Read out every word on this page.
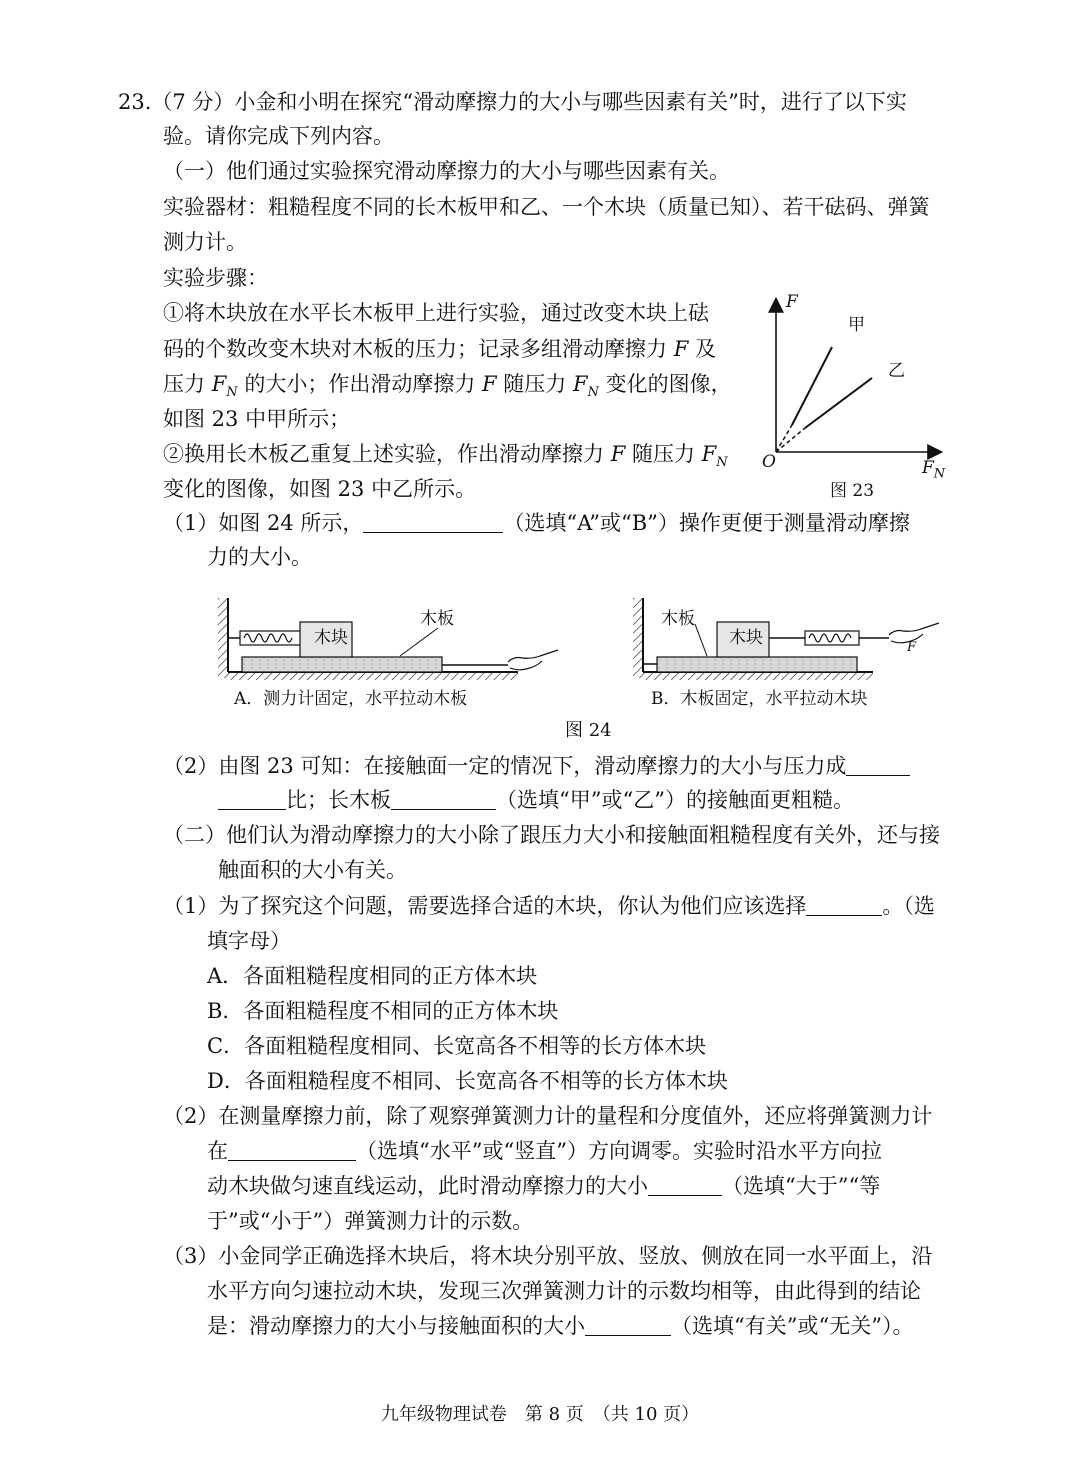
23.（7 分）小金和小明在探究“滑动摩擦力的大小与哪些因素有关”时，进行了以下实
验。请你完成下列内容。
（一）他们通过实验探究滑动摩擦力的大小与哪些因素有关。
实验器材：粗糙程度不同的长木板甲和乙、一个木块（质量已知）、若干砝码、弹簧
测力计。
实验步骤：
①将木块放在水平长木板甲上进行实验，通过改变木块上砝
码的个数改变木块对木板的压力；记录多组滑动摩擦力 F 及
压力 $F_N$ 的大小；作出滑动摩擦力 F 随压力 $F_N$ 变化的图像，
如图 23 中甲所示；
②换用长木板乙重复上述实验，作出滑动摩擦力 F 随压力 $F_N$
变化的图像，如图 23 中乙所示。
F
甲
乙
O	$F_N$
图 23
（1）如图 24 所示，	（选填“A”或“B”）操作更便于测量滑动摩擦
力的大小。
木块
木板
A．测力计固定，水平拉动木板
木板
木块	F
B．木板固定，水平拉动木块
图 24
（2）由图 23 可知：在接触面一定的情况下，滑动摩擦力的大小与压力成
比；长木板	（选填“甲”或“乙”）的接触面更粗糙。
（二）他们认为滑动摩擦力的大小除了跟压力大小和接触面粗糙程度有关外，还与接
触面积的大小有关。
（1）为了探究这个问题，需要选择合适的木块，你认为他们应该选择	。（选
填字母）
A．各面粗糙程度相同的正方体木块
B．各面粗糙程度不相同的正方体木块
C．各面粗糙程度相同、长宽高各不相等的长方体木块
D．各面粗糙程度不相同、长宽高各不相等的长方体木块
（2）在测量摩擦力前，除了观察弹簧测力计的量程和分度值外，还应将弹簧测力计
在	（选填“水平”或“竖直”）方向调零。实验时沿水平方向拉
动木块做匀速直线运动，此时滑动摩擦力的大小	（选填“大于”“等
于”或“小于”）弹簧测力计的示数。
（3）小金同学正确选择木块后，将木块分别平放、竖放、侧放在同一水平面上，沿
水平方向匀速拉动木块，发现三次弹簧测力计的示数均相等，由此得到的结论
是：滑动摩擦力的大小与接触面积的大小	（选填“有关”或“无关”）。
九年级物理试卷　第 8 页　（共 10 页）
